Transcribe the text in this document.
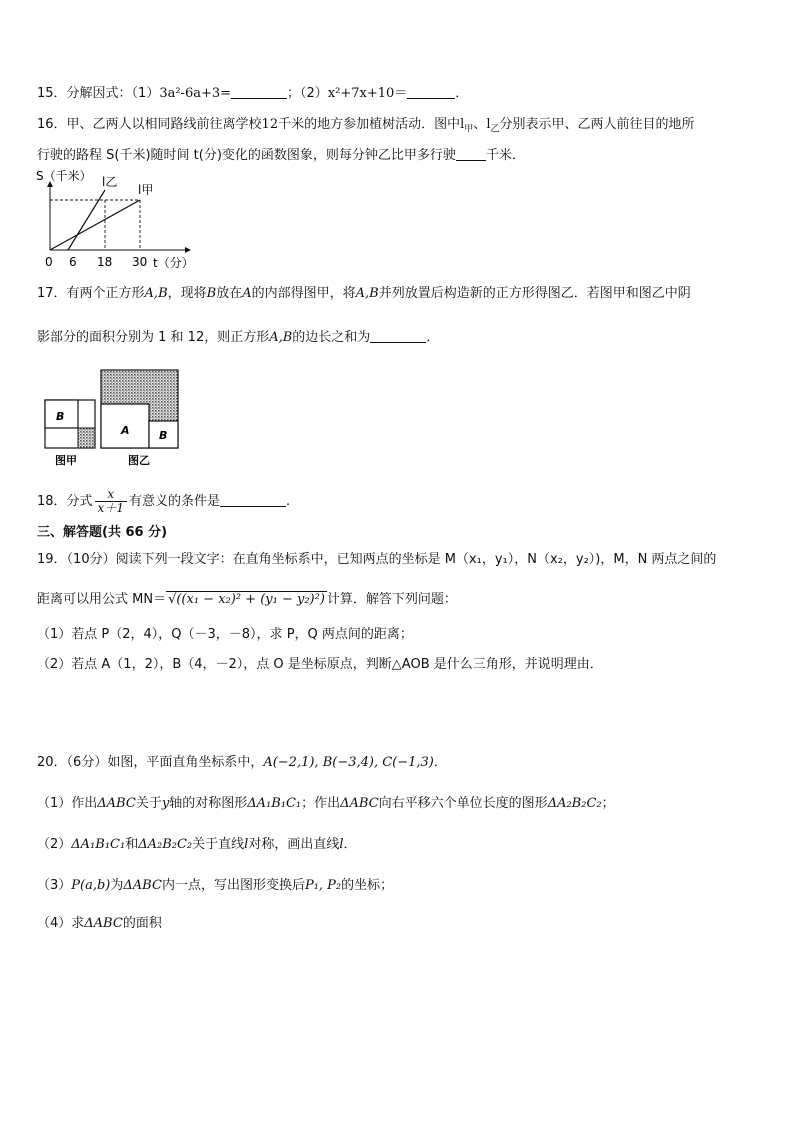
15．分解因式：（1）3a²-6a+3=	；（2）x²+7x+10＝	．
16．甲、乙两人以相同路线前往离学校12千米的地方参加植树活动．图中$l_甲$、$l_乙$分别表示甲、乙两人前往目的地所
行驶的路程 S(千米)随时间 t(分)变化的函数图象，则每分钟乙比甲多行驶 千米．
S（千米） l乙
l甲
0 6 18 30 t（分）
17．有两个正方形A,B，现将B放在A的内部得图甲，将A,B并列放置后构造新的正方形得图乙．若图甲和图乙中阴
影部分的面积分别为 1 和 12，则正方形A,B的边长之和为	．
B
图甲
A	B
图乙
18．分式 $\frac{x}{x+1}$ 有意义的条件是	.
三、解答题(共 66 分)
19．（10分）阅读下列一段文字：在直角坐标系中，已知两点的坐标是 M（x₁，y₁），N（x₂，y₂）)，M，N 两点之间的
距离可以用公式 MN＝ √((x₁ − x₂)² + (y₁ − y₂)²) 计算．解答下列问题：
（1）若点 P（2，4），Q（－3，－8），求 P，Q 两点间的距离；
（2）若点 A（1，2），B（4，－2），点 O 是坐标原点，判断△AOB 是什么三角形，并说明理由．
20．（6分）如图，平面直角坐标系中，A(−2,1), B(−3,4), C(−1,3)．
（1）作出ΔABC关于y轴的对称图形ΔA₁B₁C₁；作出ΔABC向右平移六个单位长度的图形ΔA₂B₂C₂；
（2）ΔA₁B₁C₁和ΔA₂B₂C₂关于直线l对称，画出直线l．
（3）P(a,b)为ΔABC内一点，写出图形变换后P₁, P₂的坐标；
（4）求ΔABC的面积
